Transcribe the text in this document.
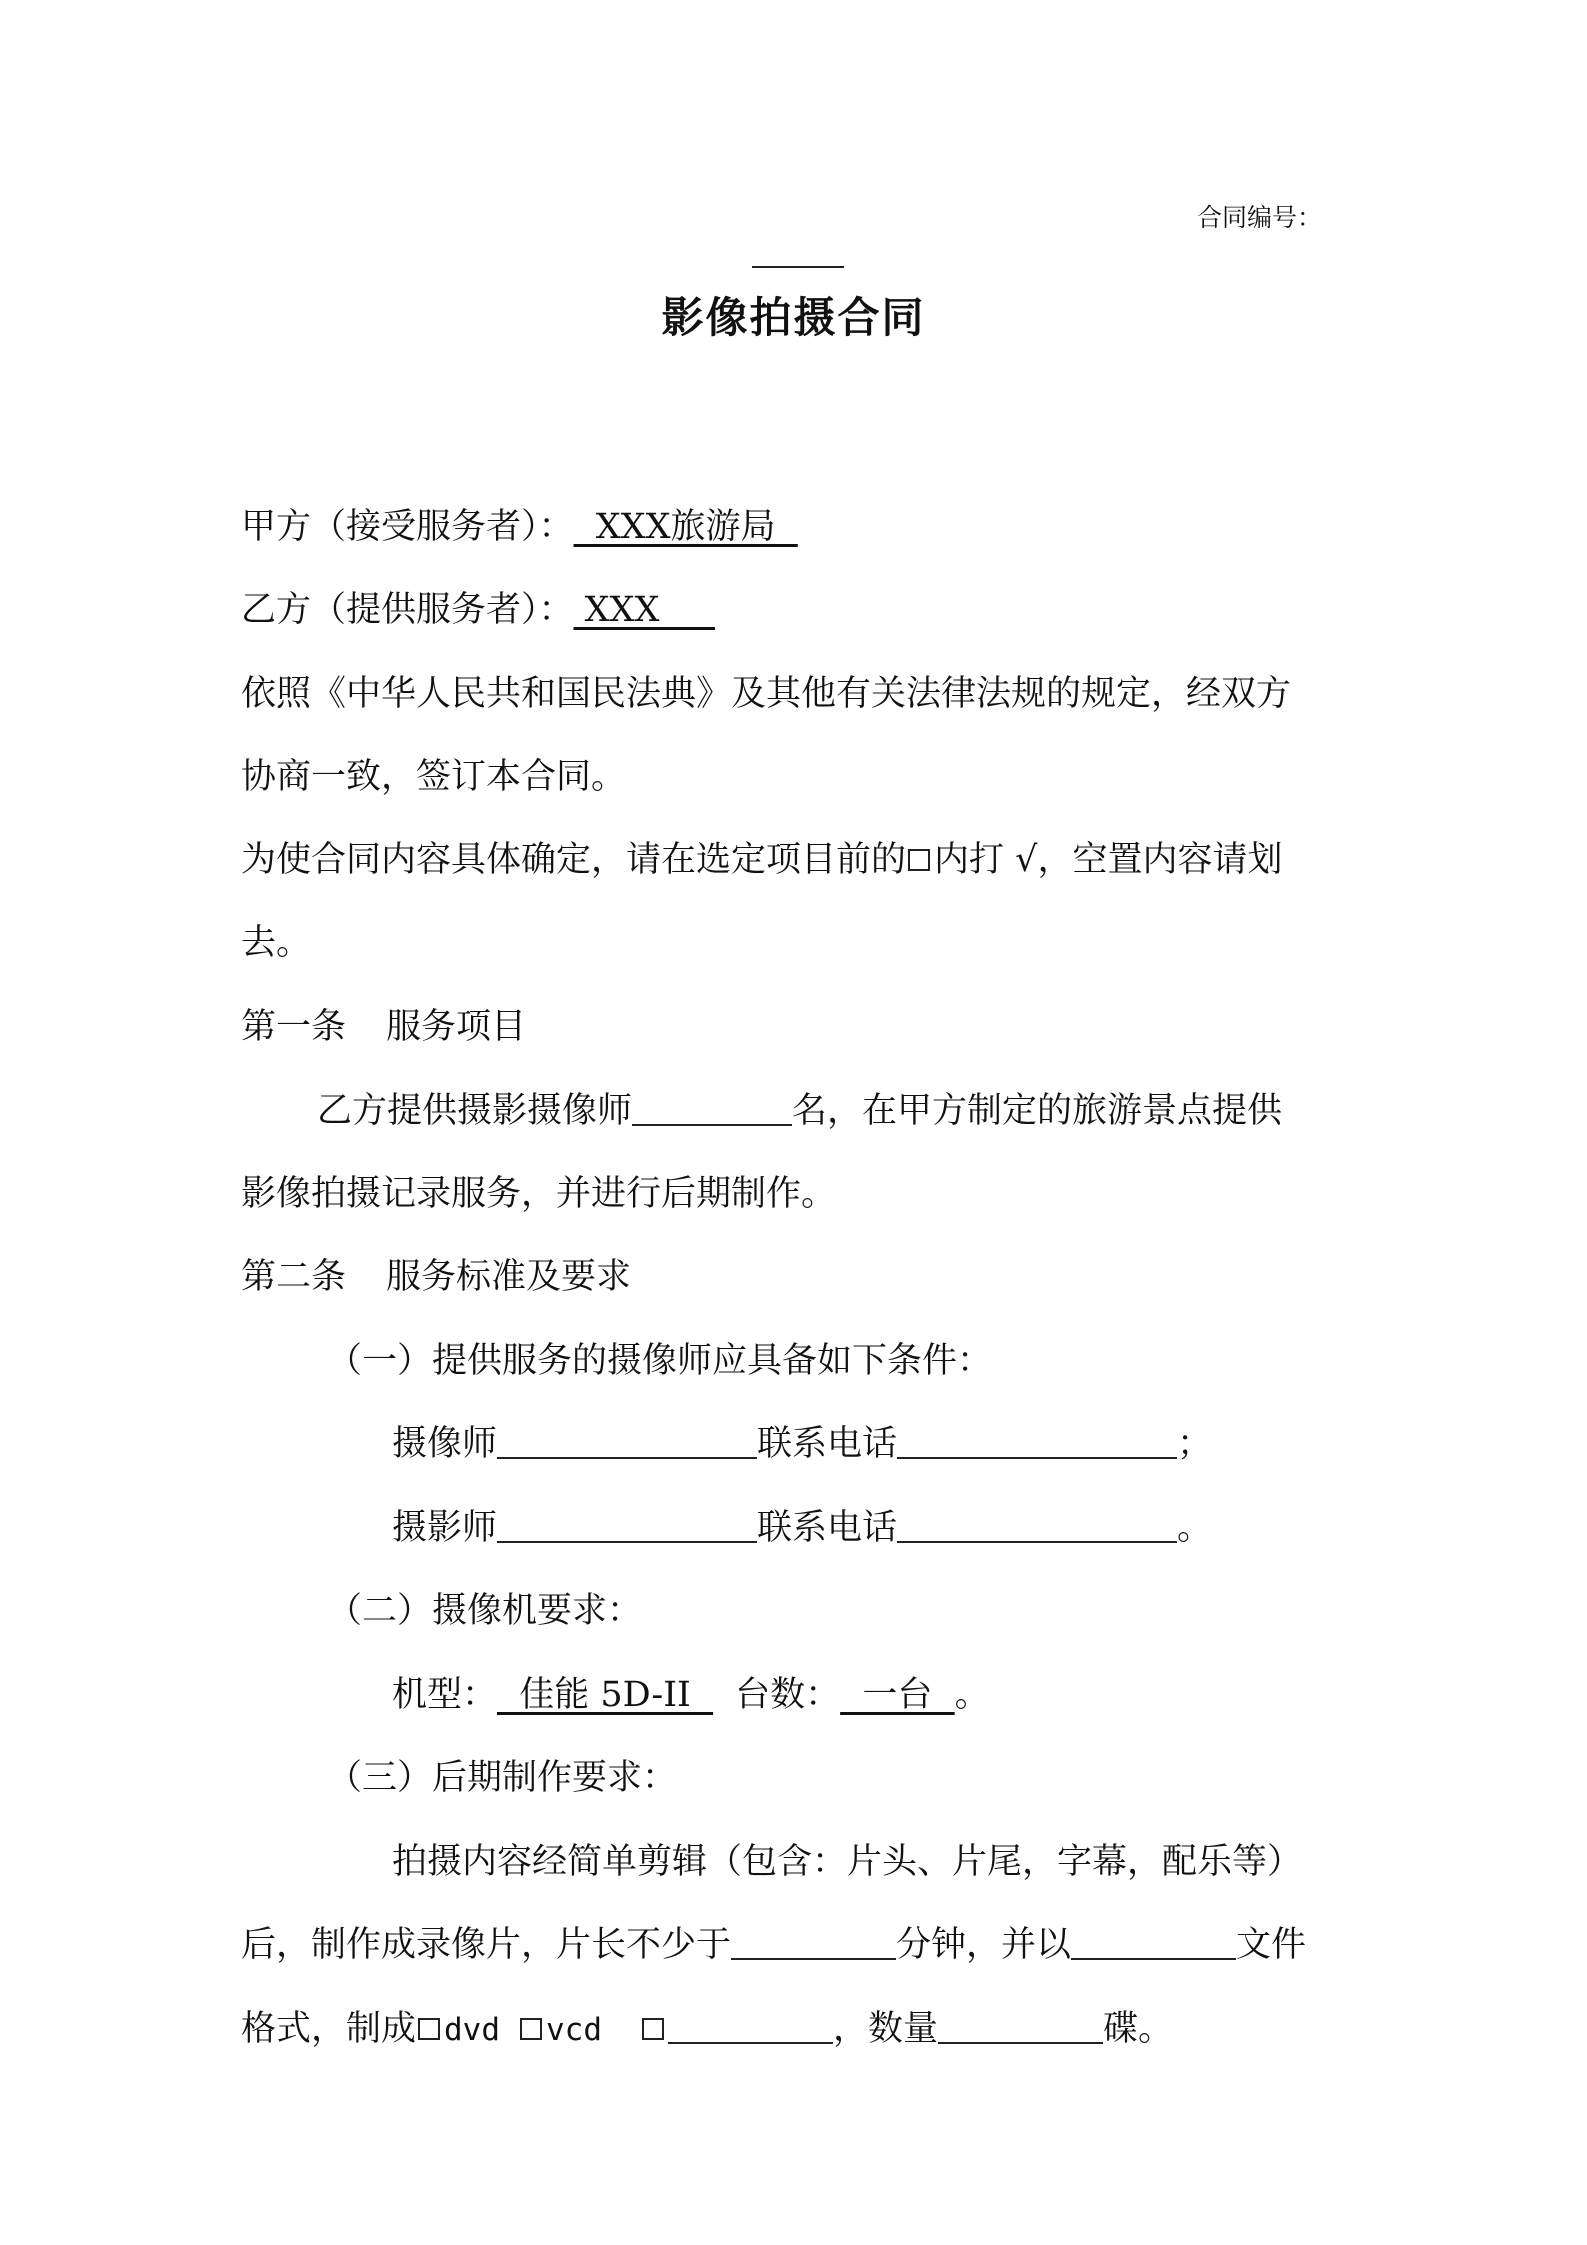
合同编号：
影像拍摄合同
甲方（接受服务者）：  XXX旅游局
乙方（提供服务者）： XXX
依照《中华人民共和国民法典》及其他有关法律法规的规定，经双方
协商一致，签订本合同。
为使合同内容具体确定，请在选定项目前的 内打 √，空置内容请划
去。
第一条 服务项目
乙方提供摄影摄像师	名，在甲方制定的旅游景点提供
影像拍摄记录服务，并进行后期制作。
第二条 服务标准及要求
（一）提供服务的摄像师应具备如下条件：
摄像师	联系电话	；
摄影师	联系电话	。
（二）摄像机要求：
机型：  佳能 5D-II  台数：  一台  。
（三）后期制作要求：
拍摄内容经简单剪辑（包含：片头、片尾，字幕，配乐等）
后，制作成录像片，片长不少于	分钟，并以	文件
格式，制成 dvd vcd	，数量	碟。
